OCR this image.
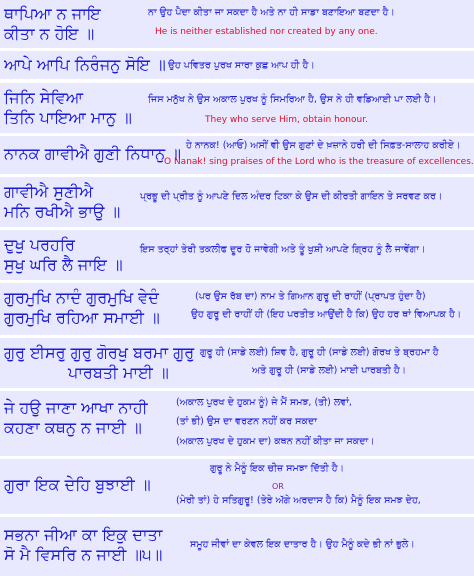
ਥਾਪਿਆ ਨ ਜਾਇ
ਕੀਤਾ ਨ ਹੋਇ ॥
ਨਾ ਉਹ ਪੈਦਾ ਕੀਤਾ ਜਾ ਸਕਦਾ ਹੈ ਅਤੇ ਨਾ ਹੀ ਸਾਡਾ ਬਣਾਇਆ ਬਣਦਾ ਹੈ।
He is neither established nor created by any one.
ਆਪੇ ਆਪਿ ਨਿਰੰਜਨੁ ਸੋਇ ॥ ਉਹ ਪਵਿਤਰ ਪੁਰਖ ਸਾਰਾ ਕੁਛ ਆਪ ਹੀ ਹੈ।
ਜਿਨਿ ਸੇਵਿਆ
ਤਿਨਿ ਪਾਇਆ ਮਾਨੁ ॥
ਜਿਸ ਮਨੁੱਖ ਨੇ ਉਸ ਅਕਾਲ ਪੁਰਖ ਨੂੰ ਸਿਮਰਿਆ ਹੈ, ਉਸ ਨੇ ਹੀ ਵਡਿਆਈ ਪਾ ਲਈ ਹੈ।
They who serve Him, obtain honour.
ਨਾਨਕ ਗਾਵੀਐ ਗੁਣੀ ਨਿਧਾਨੁ ॥ ਹੇ ਨਾਨਕ! (ਆਓ) ਅਸੀਂ ਵੀ ਉਸ ਗੁਣਾਂ ਦੇ ਖ਼ਜ਼ਾਨੇ ਹਰੀ ਦੀ ਸਿਫ਼ਤ-ਸਾਲਾਹ ਕਰੀਏ।
O Nanak! sing praises of the Lord who is the treasure of excellences.
ਗਾਵੀਐ ਸੁਣੀਐ
ਮਨਿ ਰਖੀਐ ਭਾਉ ॥
ਪ੍ਰਭੂ ਦੀ ਪ੍ਰੀਤ ਨੂੰ ਆਪਣੇ ਦਿਲ ਅੰਦਰ ਟਿਕਾ ਕੇ ਉਸ ਦੀ ਕੀਰਤੀ ਗਾਇਨ ਤੇ ਸਰਵਣ ਕਰ।
ਦੁਖੁ ਪਰਹਰਿ
ਸੁਖੁ ਘਰਿ ਲੈ ਜਾਇ ॥
ਇਸ ਤਰ੍ਹਾਂ ਤੇਰੀ ਤਕਲੀਫ ਦੂਰ ਹੋ ਜਾਵੇਗੀ ਅਤੇ ਤੂੰ ਖੁਸ਼ੀ ਆਪਣੇ ਗ੍ਰਿਹ ਨੂੰ ਲੈ ਜਾਵੇਂਗਾ।
ਗੁਰਮੁਖਿ ਨਾਦੰ ਗੁਰਮੁਖਿ ਵੇਦੰ
ਗੁਰਮੁਖਿ ਰਹਿਆ ਸਮਾਈ ॥
(ਪਰ ਉਸ ਰੱਬ ਦਾ) ਨਾਮ ਤੇ ਗਿਆਨ ਗੁਰੂ ਦੀ ਰਾਹੀਂ (ਪ੍ਰਾਪਤ ਹੁੰਦਾ ਹੈ)
ਉਹ ਗੁਰੂ ਦੀ ਰਾਹੀਂ ਹੀ (ਇਹ ਪਰਤੀਤ ਆਉਂਦੀ ਹੈ ਕਿ) ਉਹ ਹਰ ਥਾਂ ਵਿਆਪਕ ਹੈ।
ਗੁਰੁ ਈਸਰੁ ਗੁਰੁ ਗੋਰਖੁ ਬਰਮਾ ਗੁਰੁ
ਪਾਰਬਤੀ ਮਾਈ ॥
ਗੁਰੂ ਹੀ (ਸਾਡੇ ਲਈ) ਸ਼ਿਵ ਹੈ, ਗੁਰੂ ਹੀ (ਸਾਡੇ ਲਈ) ਗੋਰਖ ਤੇ ਬ੍ਰਹਮਾ ਹੈ
ਅਤੇ ਗੁਰੂ ਹੀ (ਸਾਡੇ ਲਈ) ਮਾਈ ਪਾਰਬਤੀ ਹੈ।
ਜੇ ਹਉ ਜਾਣਾ ਆਖਾ ਨਾਹੀ
ਕਹਣਾ ਕਥਨੁ ਨ ਜਾਈ ॥
(ਅਕਾਲ ਪੁਰਖ ਦੇ ਹੁਕਮ ਨੂੰ) ਜੇ ਮੈਂ ਸਮਝ, (ਤੀ) ਲਵਾਂ,
(ਤਾਂ ਭੀ) ਉਸ ਦਾ ਵਰਣਨ ਨਹੀਂ ਕਰ ਸਕਦਾ
(ਅਕਾਲ ਪੁਰਖ ਦੇ ਹੁਕਮ ਦਾ) ਕਥਨ ਨਹੀਂ ਕੀਤਾ ਜਾ ਸਕਦਾ।
ਗੁਰਾ ਇਕ ਦੇਹਿ ਬੁਝਾਈ ॥
ਗੁਰੂ ਨੇ ਮੈਨੂੰ ਇਕ ਚੀਜ਼ ਸਮਝਾ ਦਿੱਤੀ ਹੈ।
OR
(ਮੇਰੀ ਤਾਂ) ਹੇ ਸਤਿਗੁਰੂ! (ਤੇਰੇ ਅੱਗੇ ਅਰਦਾਸ ਹੈ ਕਿ) ਮੈਨੂੰ ਇਕ ਸਮਝ ਦੇਹ,
ਸਭਨਾ ਜੀਆ ਕਾ ਇਕੁ ਦਾਤਾ
ਸੋ ਮੈ ਵਿਸਰਿ ਨ ਜਾਈ ॥੫॥
ਸਮੂਹ ਜੀਵਾਂ ਦਾ ਕੇਵਲ ਇਕ ਦਾਤਾਰ ਹੈ। ਉਹ ਮੈਨੂੰ ਕਦੇ ਭੀ ਨਾਂ ਭੁਲੇ।
